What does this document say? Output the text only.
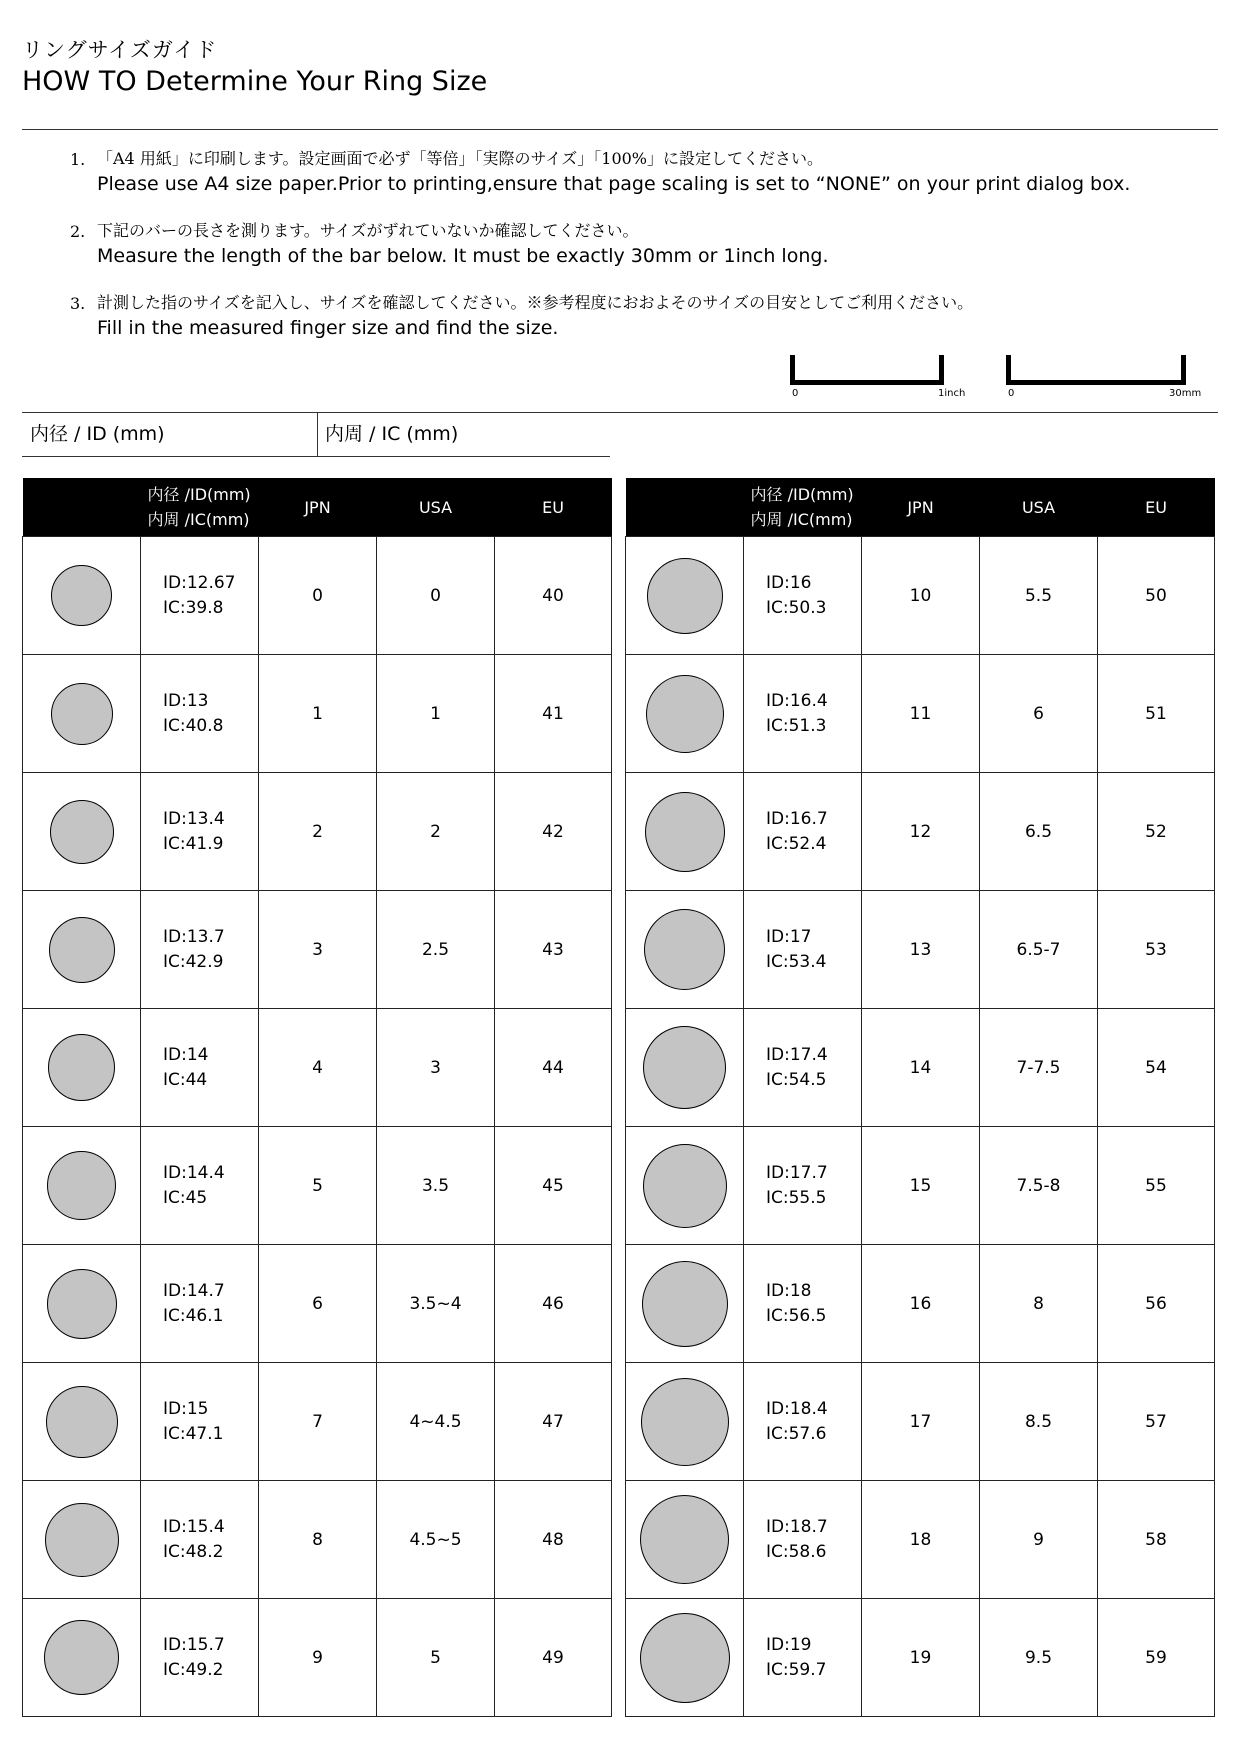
リングサイズガイド
HOW TO Determine Your Ring Size
1. 「A4 用紙」に印刷します。設定画面で必ず「等倍」「実際のサイズ」「100%」に設定してください。
Please use A4 size paper.Prior to printing,ensure that page scaling is set to “NONE” on your print dialog box.
2. 下記のバーの長さを測ります。サイズがずれていないか確認してください。
Measure the length of the bar below. It must be exactly 30mm or 1inch long.
3. 計測した指のサイズを記入し、サイズを確認してください。※参考程度におおよそのサイズの目安としてご利用ください。
Fill in the measured finger size and find the size.
0	1inch	0	30mm
内径 / ID (mm)	内周 / IC (mm)
内径 /ID(mm)
内周 /IC(mm)		JPN	USA	EU

	ID:12.67
IC:39.8	0	0	40

	ID:13
IC:40.8	1	1	41

	ID:13.4
IC:41.9	2	2	42

	ID:13.7
IC:42.9	3	2.5	43

	ID:14
IC:44	4	3	44

	ID:14.4
IC:45	5	3.5	45

	ID:14.7
IC:46.1	6	3.5~4	46

	ID:15
IC:47.1	7	4~4.5	47

	ID:15.4
IC:48.2	8	4.5~5	48

	ID:15.7
IC:49.2	9	5	49
内径 /ID(mm)
内周 /IC(mm)		JPN	USA	EU

	ID:16
IC:50.3	10	5.5	50

	ID:16.4
IC:51.3	11	6	51

	ID:16.7
IC:52.4	12	6.5	52

	ID:17
IC:53.4	13	6.5-7	53

	ID:17.4
IC:54.5	14	7-7.5	54

	ID:17.7
IC:55.5	15	7.5-8	55

	ID:18
IC:56.5	16	8	56

	ID:18.4
IC:57.6	17	8.5	57

	ID:18.7
IC:58.6	18	9	58

	ID:19
IC:59.7	19	9.5	59
